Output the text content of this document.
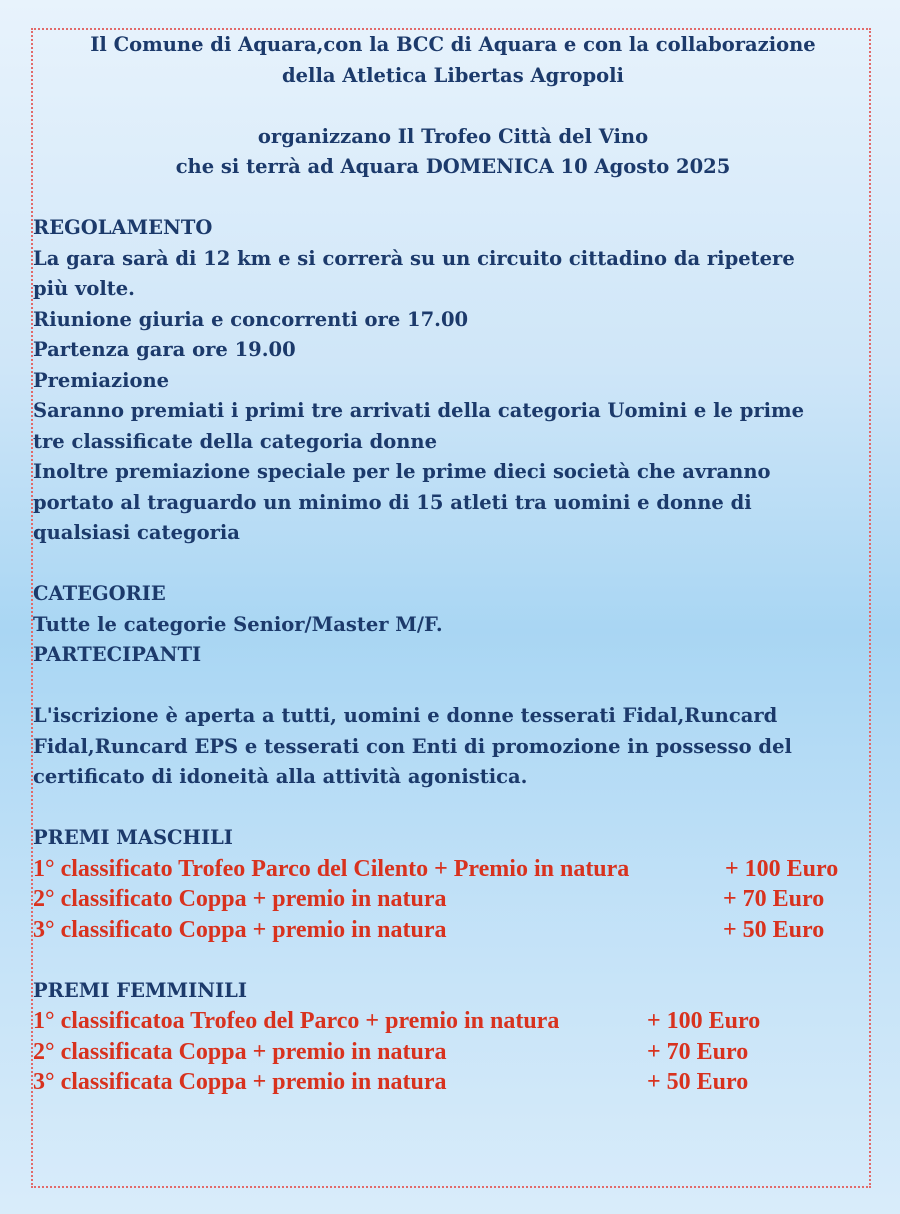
Il Comune di Aquara,con la BCC di Aquara e con la collaborazione
della Atletica Libertas Agropoli
organizzano Il Trofeo Città del Vino
che si terrà ad Aquara DOMENICA 10 Agosto 2025
REGOLAMENTO
La gara sarà di 12 km e si correrà su un circuito cittadino da ripetere
più volte.
Riunione giuria e concorrenti ore 17.00
Partenza gara ore 19.00
Premiazione
Saranno premiati i primi tre arrivati della categoria Uomini e le prime
tre classificate della categoria donne
Inoltre premiazione speciale per le prime dieci società che avranno
portato al traguardo un minimo di 15 atleti tra uomini e donne di
qualsiasi categoria
CATEGORIE
Tutte le categorie Senior/Master M/F.
PARTECIPANTI
L'iscrizione è aperta a tutti, uomini e donne tesserati Fidal,Runcard
Fidal,Runcard EPS e tesserati con Enti di promozione in possesso del
certificato di idoneità alla attività agonistica.
PREMI MASCHILI
1° classificato Trofeo Parco del Cilento + Premio in natura	+ 100 Euro
2° classificato Coppa + premio in natura	+ 70 Euro
3° classificato Coppa + premio in natura	+ 50 Euro
PREMI FEMMINILI
1° classificatoa Trofeo del Parco + premio in natura	+ 100 Euro
2° classificata Coppa + premio in natura	+ 70 Euro
3° classificata Coppa + premio in natura	+ 50 Euro
